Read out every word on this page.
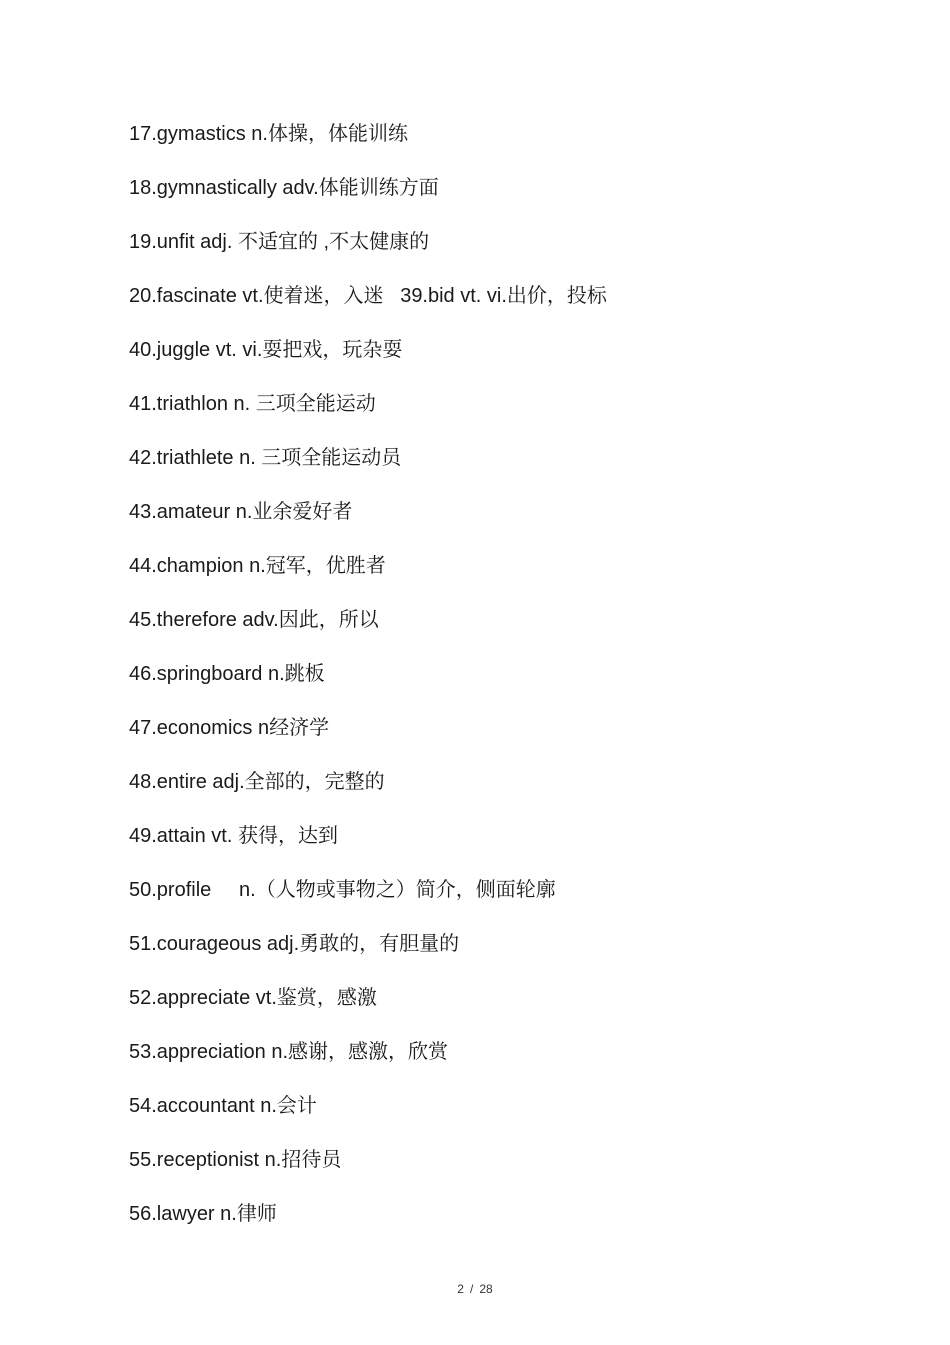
17.gymastics n.体操，体能训练
18.gymnastically adv.体能训练方面
19.unfit adj. 不适宜的 ,不太健康的
20.fascinate vt.使着迷，入迷   39.bid vt. vi.出价，投标
40.juggle vt. vi.耍把戏，玩杂耍
41.triathlon n. 三项全能运动
42.triathlete n. 三项全能运动员
43.amateur n.业余爱好者
44.champion n.冠军，优胜者
45.therefore adv.因此，所以
46.springboard n.跳板
47.economics n经济学
48.entire adj.全部的，完整的
49.attain vt. 获得，达到
50.profile     n.（人物或事物之）简介，侧面轮廓
51.courageous adj.勇敢的，有胆量的
52.appreciate vt.鉴赏，感激
53.appreciation n.感谢，感激，欣赏
54.accountant n.会计
55.receptionist n.招待员
56.lawyer n.律师
2 / 28
